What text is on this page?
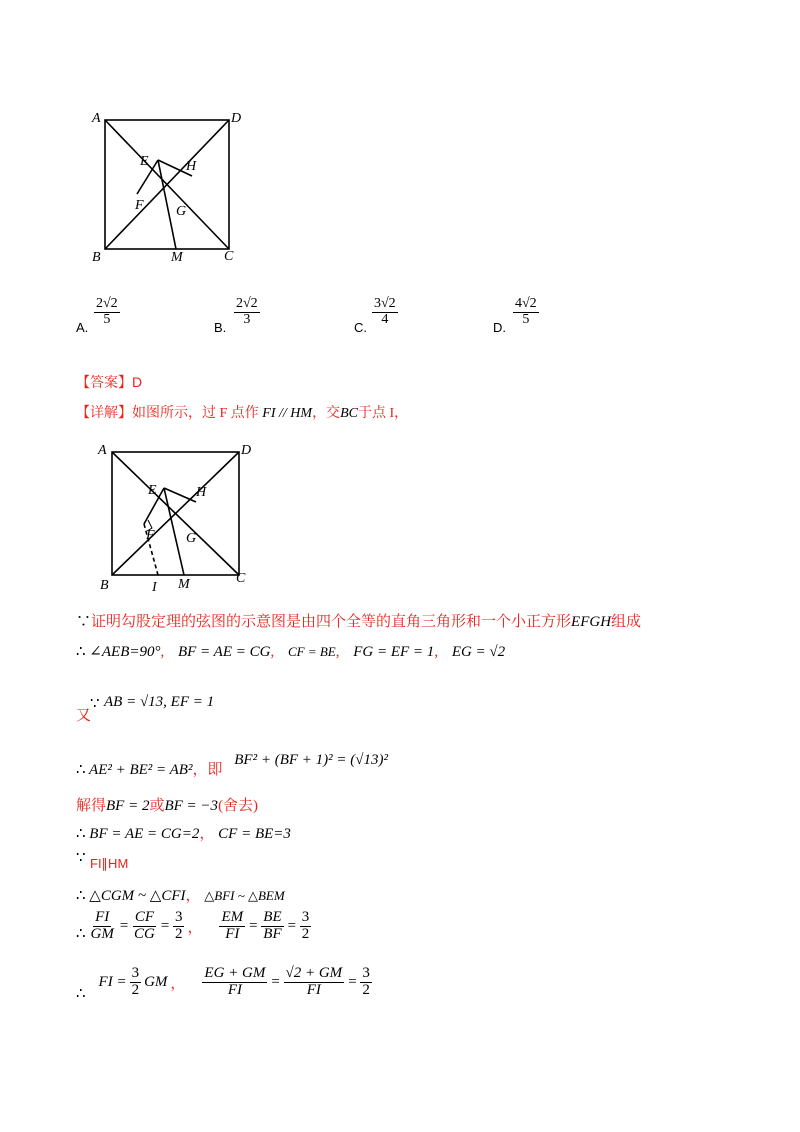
A	D
B	C
E	H
F G
M
A.
$\frac{2√2}{5}$
B.
$\frac{2√2}{3}$
C.
$\frac{3√2}{4}$
D.
$\frac{4√2}{5}$
【答案】D
【详解】如图所示，过 F 点作 FI // HM，交BC于点 I，
A	D
B	C
E	H
F G
I M
∵证明勾股定理的弦图的示意图是由四个全等的直角三角形和一个小正方形EFGH组成
∴ ∠AEB=90°, BF = AE = CG, CF = BE, FG = EF = 1, EG = √2
又
∵ AB = √13, EF = 1
∴ AE² + BE² = AB²，即 BF² + (BF + 1)² = (√13)²
解得BF = 2或BF = −3(舍去)
∴ BF = AE = CG=2， CF = BE=3
∵ FI∥HM
∴ △CGM ~ △CFI， △BFI ~ △BEM
∴ $\frac{FI}{GM} = \frac{CF}{CG} = \frac{3}{2}$ ， $\frac{EM}{FI} = \frac{BE}{BF} = \frac{3}{2}$
∴
FI = $\frac{3}{2}$ GM ， $\frac{EG + GM}{FI} = \frac{√2 + GM}{FI} = \frac{3}{2}$
